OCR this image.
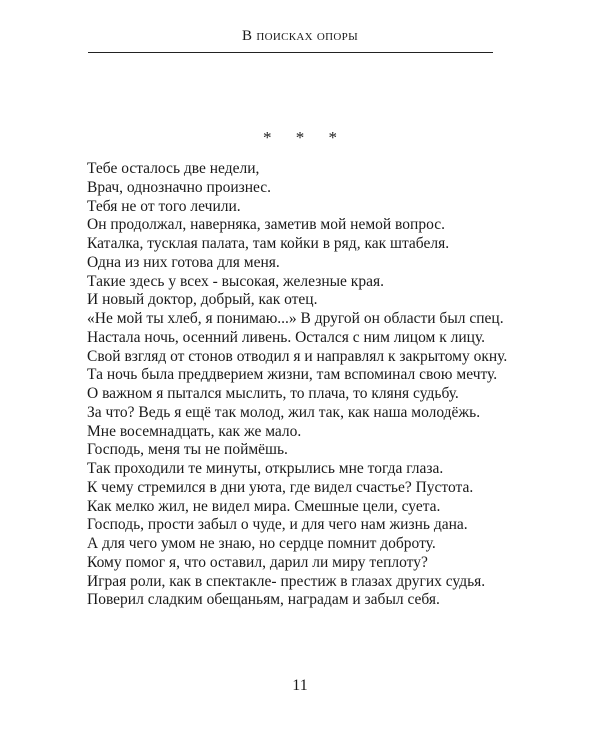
В поисках опоры
* * *
Тебе осталось две недели,
Врач, однозначно произнес.
Тебя не от того лечили.
Он продолжал, наверняка, заметив мой немой вопрос.
Каталка, тусклая палата, там койки в ряд, как штабеля.
Одна из них готова для меня.
Такие здесь у всех - высокая, железные края.
И новый доктор, добрый, как отец.
«Не мой ты хлеб, я понимаю...» В другой он области был спец.
Настала ночь, осенний ливень. Остался с ним лицом к лицу.
Свой взгляд от стонов отводил я и направлял к закрытому окну.
Та ночь была преддверием жизни, там вспоминал свою мечту.
О важном я пытался мыслить, то плача, то кляня судьбу.
За что? Ведь я ещё так молод, жил так, как наша молодёжь.
Мне восемнадцать, как же мало.
Господь, меня ты не поймёшь.
Так проходили те минуты, открылись мне тогда глаза.
К чему стремился в дни уюта, где видел счастье? Пустота.
Как мелко жил, не видел мира. Смешные цели, суета.
Господь, прости забыл о чуде, и для чего нам жизнь дана.
А для чего умом не знаю, но сердце помнит доброту.
Кому помог я, что оставил, дарил ли миру теплоту?
Играя роли, как в спектакле- престиж в глазах других судья.
Поверил сладким обещаньям, наградам и забыл себя.
11
